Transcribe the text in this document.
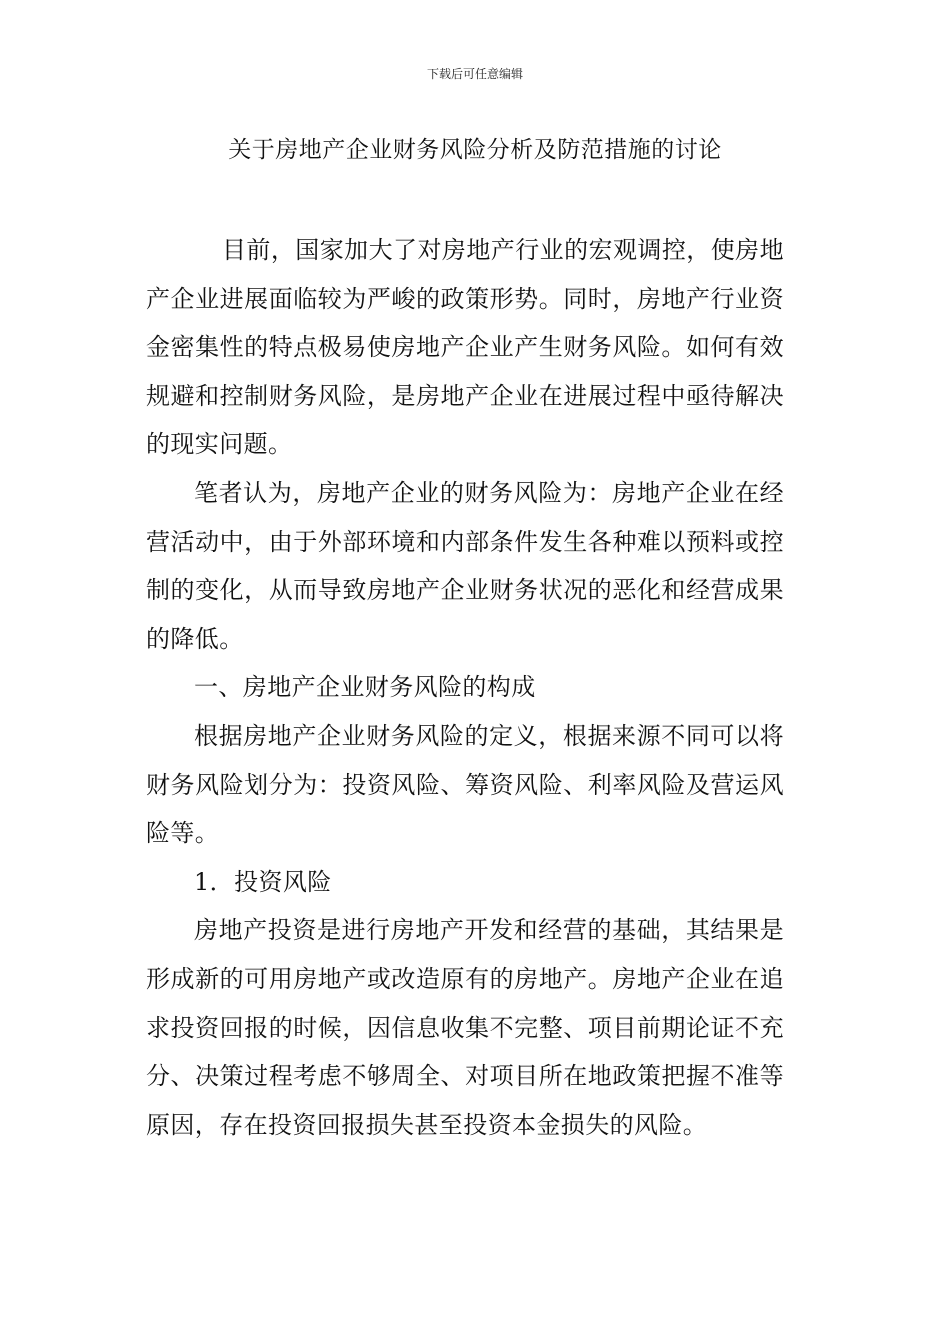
下载后可任意编辑
关于房地产企业财务风险分析及防范措施的讨论

目前，国家加大了对房地产行业的宏观调控，使房地产企业进展面临较为严峻的政策形势。同时，房地产行业资金密集性的特点极易使房地产企业产生财务风险。如何有效规避和控制财务风险，是房地产企业在进展过程中亟待解决的现实问题。

笔者认为，房地产企业的财务风险为：房地产企业在经营活动中，由于外部环境和内部条件发生各种难以预料或控制的变化，从而导致房地产企业财务状况的恶化和经营成果的降低。

一、房地产企业财务风险的构成

根据房地产企业财务风险的定义，根据来源不同可以将财务风险划分为：投资风险、筹资风险、利率风险及营运风险等。

1．投资风险

房地产投资是进行房地产开发和经营的基础，其结果是形成新的可用房地产或改造原有的房地产。房地产企业在追求投资回报的时候，因信息收集不完整、项目前期论证不充分、决策过程考虑不够周全、对项目所在地政策把握不准等原因，存在投资回报损失甚至投资本金损失的风险。
